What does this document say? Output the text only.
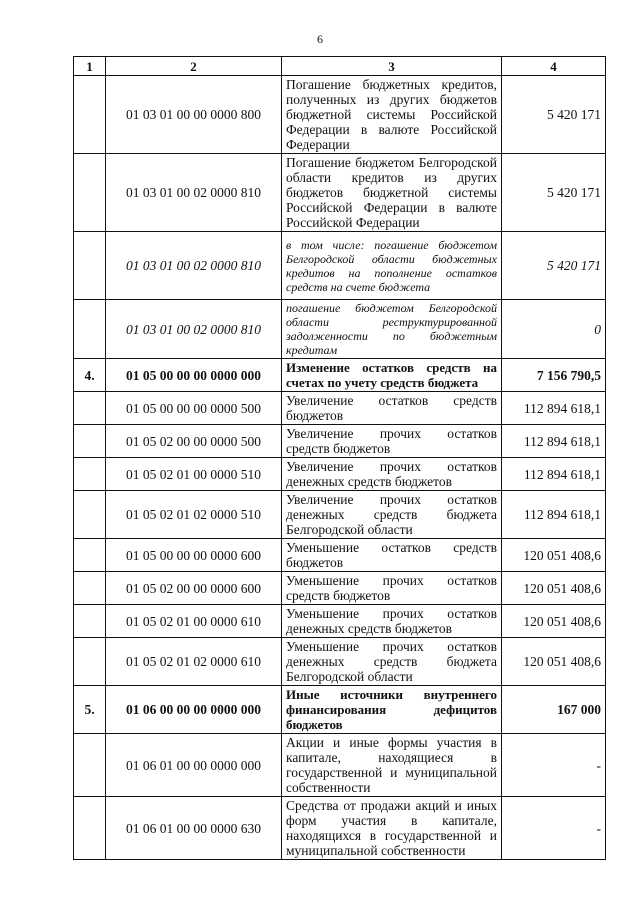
6
1	2	3	4
	01 03 01 00 00 0000 800	Погашение бюджетных кредитов, полученных из других бюджетов бюджетной системы Российской Федерации в валюте Российской Федерации	5 420 171
	01 03 01 00 02 0000 810	Погашение бюджетом Белгородской области кредитов из других бюджетов бюджетной системы Российской Федерации в валюте Российской Федерации	5 420 171
	01 03 01 00 02 0000 810	в том числе: погашение бюджетом Белгородской области бюджетных кредитов на пополнение остатков средств на счете бюджета	5 420 171
	01 03 01 00 02 0000 810	погашение бюджетом Белгородской области реструктурированной задолженности по бюджетным кредитам	0
4.	01 05 00 00 00 0000 000	Изменение остатков средств на счетах по учету средств бюджета	7 156 790,5
	01 05 00 00 00 0000 500	Увеличение остатков средств бюджетов	112 894 618,1
	01 05 02 00 00 0000 500	Увеличение прочих остатков средств бюджетов	112 894 618,1
	01 05 02 01 00 0000 510	Увеличение прочих остатков денежных средств бюджетов	112 894 618,1
	01 05 02 01 02 0000 510	Увеличение прочих остатков денежных средств бюджета Белгородской области	112 894 618,1
	01 05 00 00 00 0000 600	Уменьшение остатков средств бюджетов	120 051 408,6
	01 05 02 00 00 0000 600	Уменьшение прочих остатков средств бюджетов	120 051 408,6
	01 05 02 01 00 0000 610	Уменьшение прочих остатков денежных средств бюджетов	120 051 408,6
	01 05 02 01 02 0000 610	Уменьшение прочих остатков денежных средств бюджета Белгородской области	120 051 408,6
5.	01 06 00 00 00 0000 000	Иные источники внутреннего финансирования дефицитов бюджетов	167 000
	01 06 01 00 00 0000 000	Акции и иные формы участия в капитале, находящиеся в государственной и муниципальной собственности	-
	01 06 01 00 00 0000 630	Средства от продажи акций и иных форм участия в капитале, находящихся в государственной и муниципальной собственности	-
